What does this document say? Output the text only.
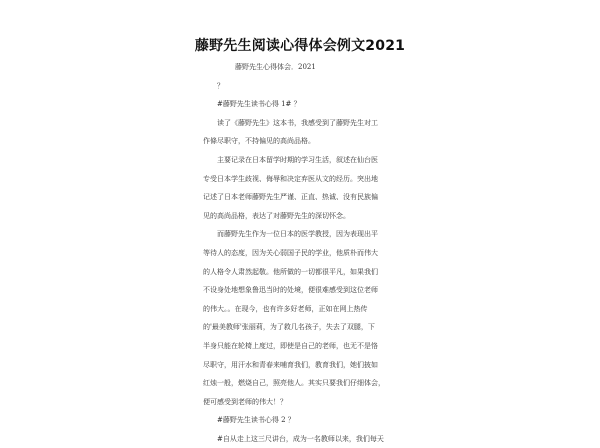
藤野先生阅读心得体会例文2021
藤野先生心得体会．2021
？
#藤野先生读书心得 1# ？
读了《藤野先生》这本书，我感受到了藤野先生对工
作條尽职守，不持偏见的高尚品格。
主要记录在日本留学时期的学习生活，叙述在仙台医
专受日本学生歧视、侮辱和决定弃医从文的经历。突出地
记述了日本老师藤野先生严谨、正直、热诚、没有民族偏
见的高尚品格，表达了对藤野先生的深切怀念。
而藤野先生作为一位日本的医学教授，因为表现出平
等待人的态度，因为关心弱国子民的学业，他质朴而伟大
的人格令人肃然起敬。他所做的一切都很平凡，如果我们
不设身处地想象鲁迅当时的处境，便很难感受到这位老师
的伟大。。在现今，也有许多好老师，正如在网上热传
的'最美教师'张丽莉，为了救几名孩子，失去了双腿，下
半身只能在轮椅上度过，即使是自己的老师，也无不是恪
尽职守，用汗水和青春来哺育我们，教育我们，她们披如
红烛一般，燃烧自己，照亮他人。其实只要我们仔细体会，
便可感受到老师的伟大！？
#藤野先生读书心得 2 ？
#自从走上这三尺讲台，成为一名教师以来，我们每天
